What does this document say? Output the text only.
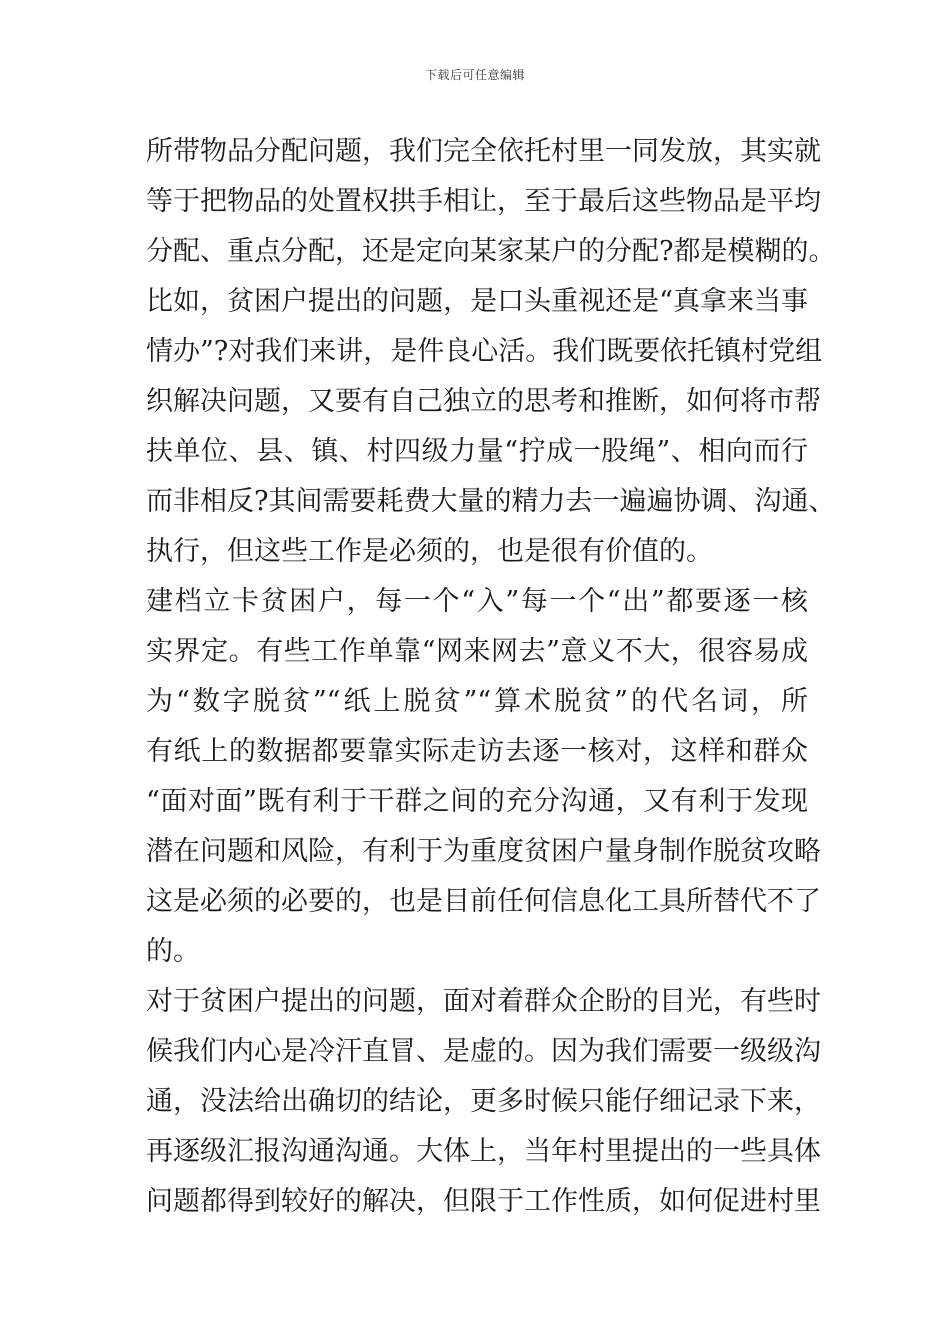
下载后可任意编辑
所带物品分配问题，我们完全依托村里一同发放，其实就
等于把物品的处置权拱手相让，至于最后这些物品是平均
分配、重点分配，还是定向某家某户的分配?都是模糊的。
比如，贫困户提出的问题，是口头重视还是“真拿来当事
情办”?对我们来讲，是件良心活。我们既要依托镇村党组
织解决问题，又要有自己独立的思考和推断，如何将市帮
扶单位、县、镇、村四级力量“拧成一股绳”、相向而行
而非相反?其间需要耗费大量的精力去一遍遍协调、沟通、
执行，但这些工作是必须的，也是很有价值的。
建档立卡贫困户，每一个“入”每一个“出”都要逐一核
实界定。有些工作单靠“网来网去”意义不大，很容易成
为“数字脱贫”“纸上脱贫”“算术脱贫”的代名词，所
有纸上的数据都要靠实际走访去逐一核对，这样和群众
“面对面”既有利于干群之间的充分沟通，又有利于发现
潜在问题和风险，有利于为重度贫困户量身制作脱贫攻略
这是必须的必要的，也是目前任何信息化工具所替代不了
的。
对于贫困户提出的问题，面对着群众企盼的目光，有些时
候我们内心是冷汗直冒、是虚的。因为我们需要一级级沟
通，没法给出确切的结论，更多时候只能仔细记录下来，
再逐级汇报沟通沟通。大体上，当年村里提出的一些具体
问题都得到较好的解决，但限于工作性质，如何促进村里
